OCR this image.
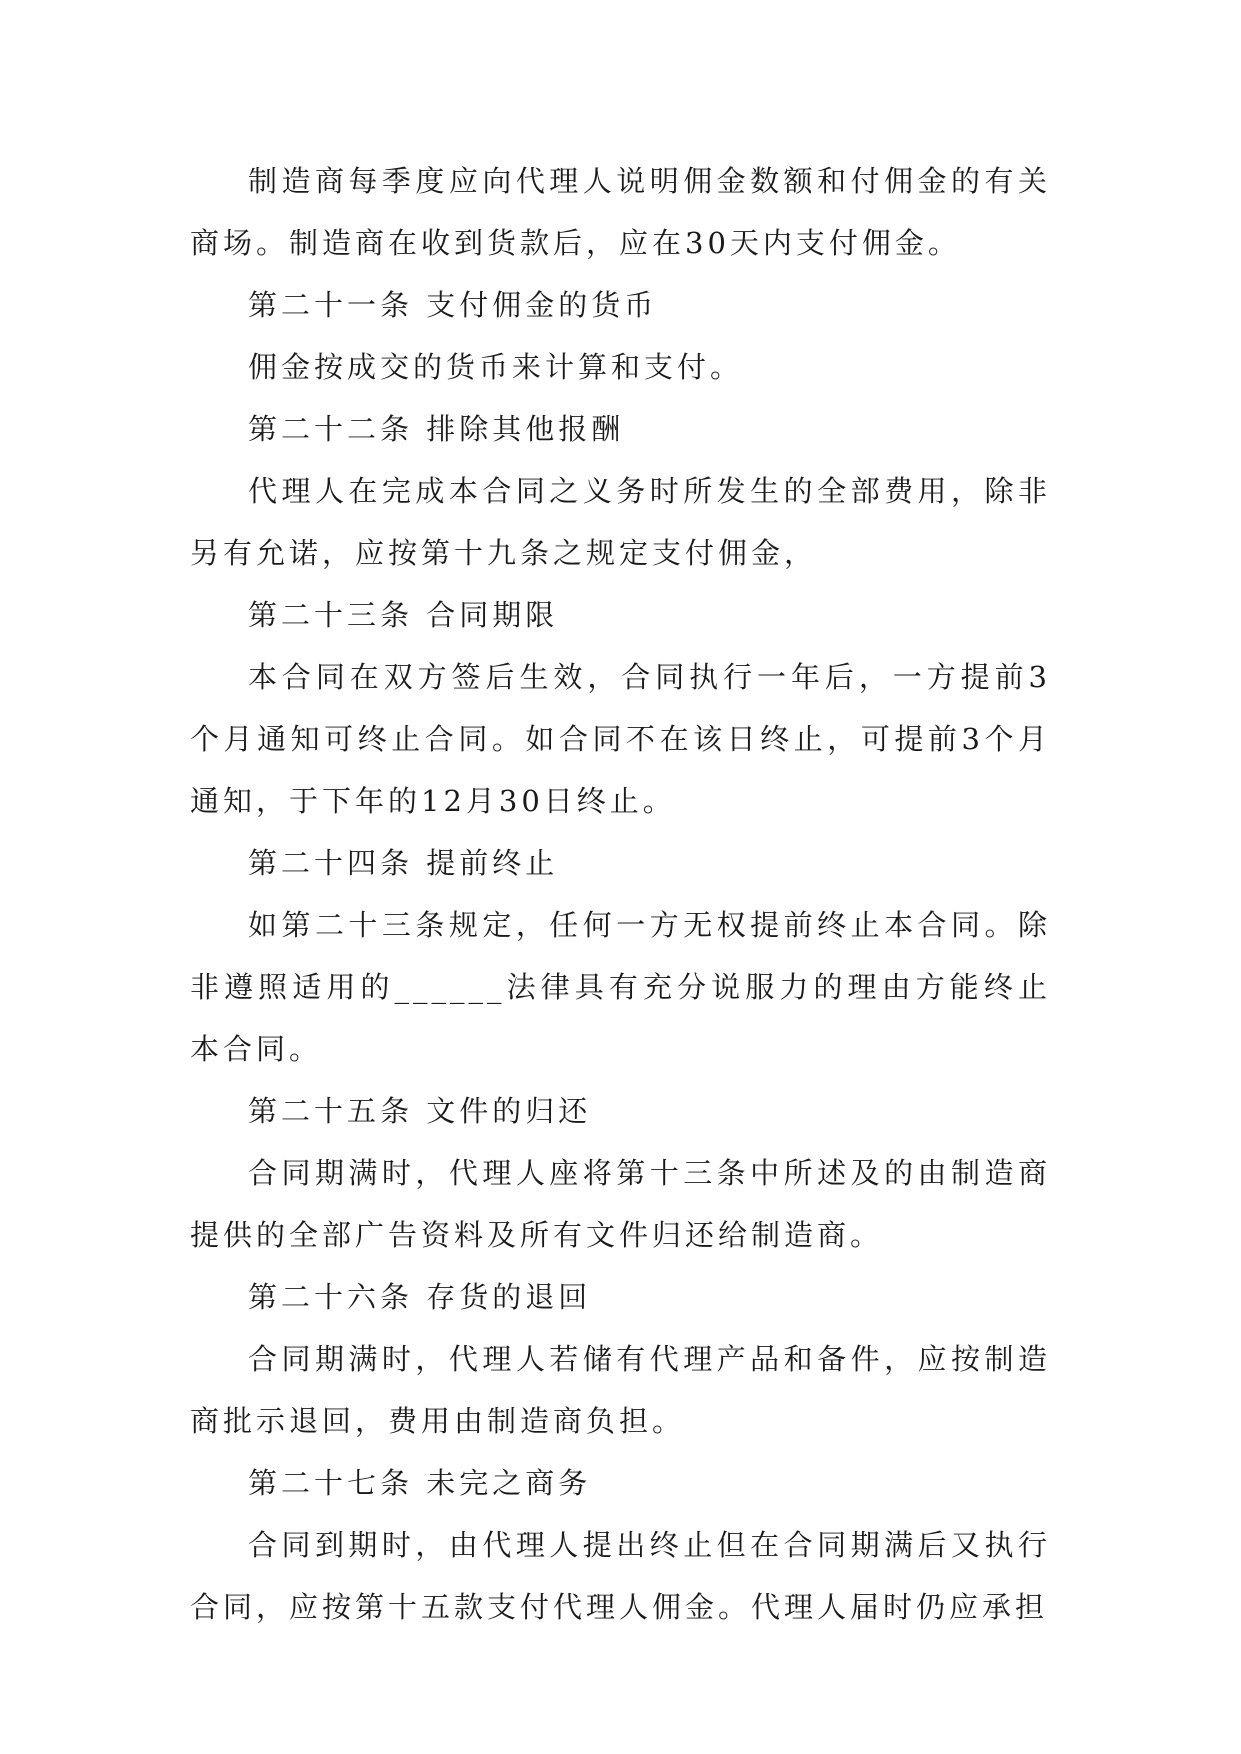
制造商每季度应向代理人说明佣金数额和付佣金的有关商场。制造商在收到货款后，应在30天内支付佣金。

第二十一条 支付佣金的货币

佣金按成交的货币来计算和支付。

第二十二条 排除其他报酬

代理人在完成本合同之义务时所发生的全部费用，除非另有允诺，应按第十九条之规定支付佣金，

第二十三条 合同期限

本合同在双方签后生效，合同执行一年后，一方提前3个月通知可终止合同。如合同不在该日终止，可提前3个月通知，于下年的12月30日终止。

第二十四条 提前终止

如第二十三条规定，任何一方无权提前终止本合同。除非遵照适用的______法律具有充分说服力的理由方能终止本合同。

第二十五条 文件的归还

合同期满时，代理人座将第十三条中所述及的由制造商提供的全部广告资料及所有文件归还给制造商。

第二十六条 存货的退回

合同期满时，代理人若储有代理产品和备件，应按制造商批示退回，费用由制造商负担。

第二十七条 未完之商务

合同到期时，由代理人提出终止但在合同期满后又执行合同，应按第十五款支付代理人佣金。代理人届时仍应承担
